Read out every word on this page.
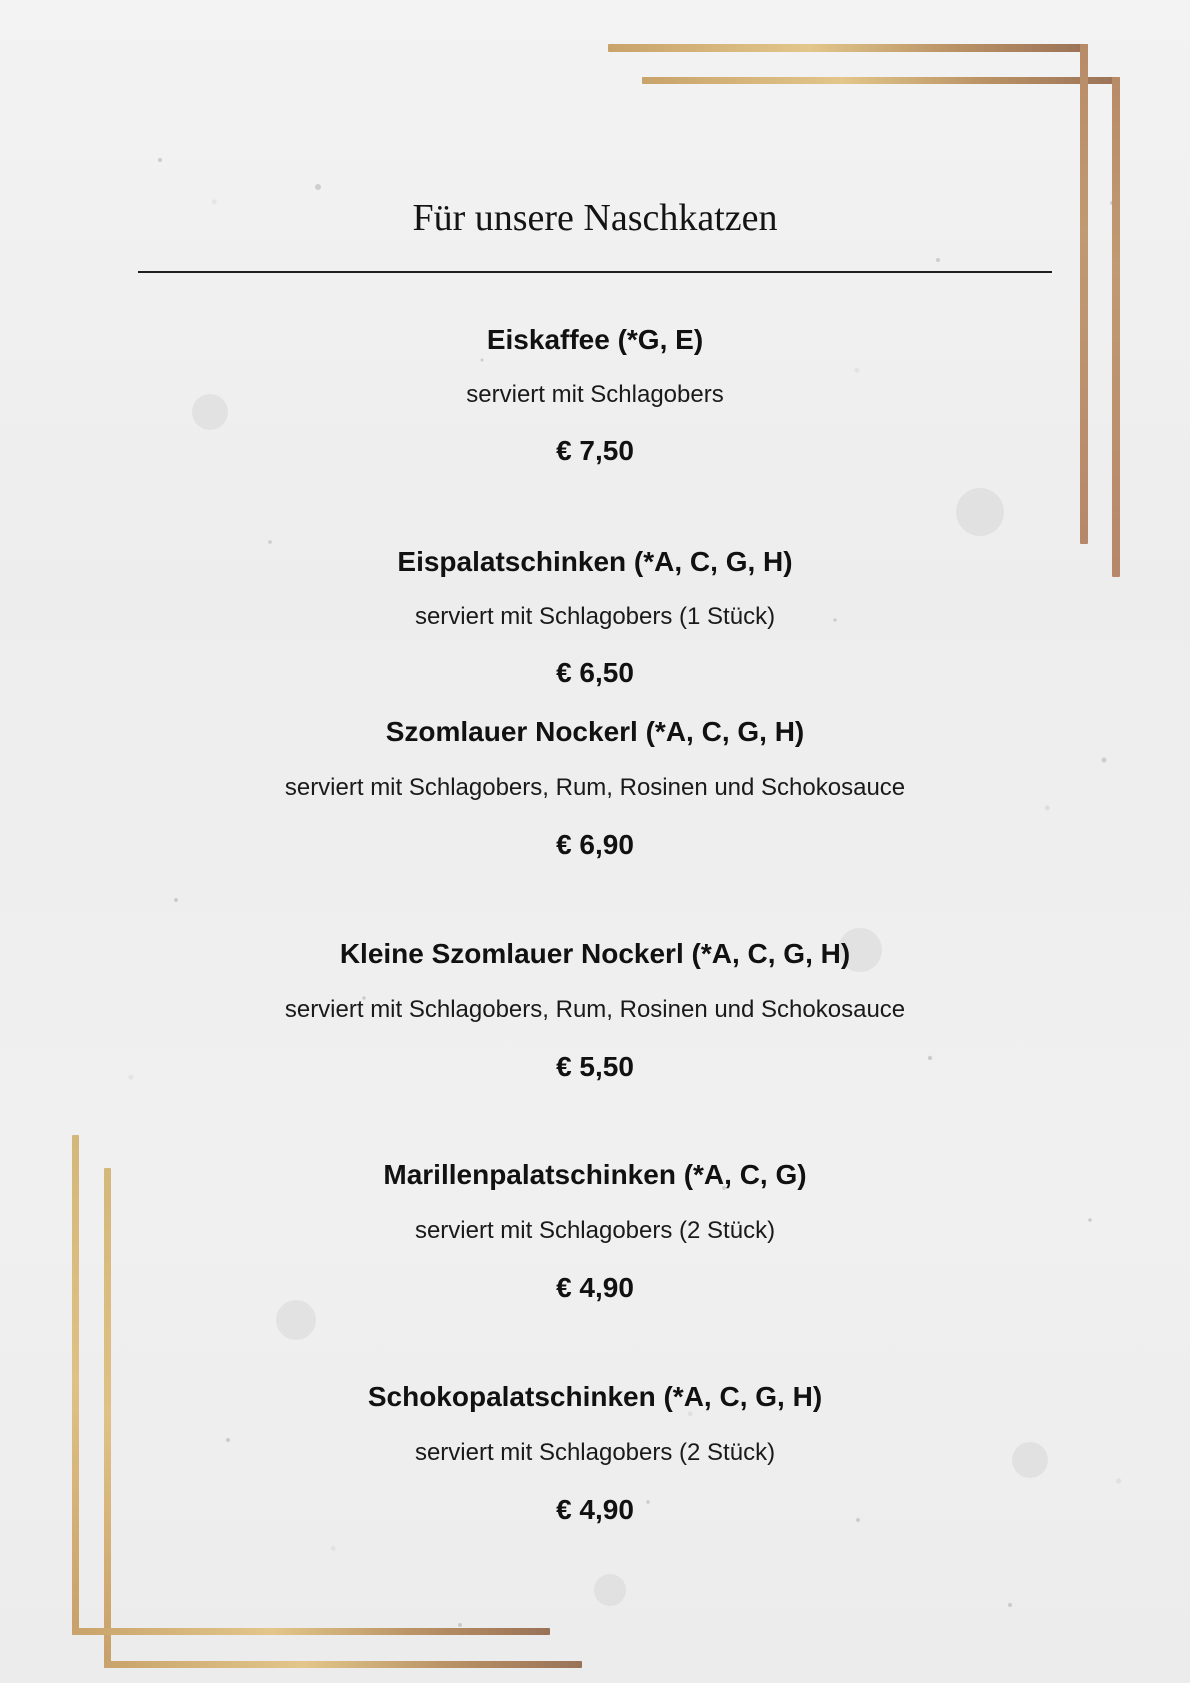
Für unsere Naschkatzen
Eiskaffee (*G, E)
serviert mit Schlagobers
€ 7,50
Eispalatschinken (*A, C, G, H)
serviert mit Schlagobers (1 Stück)
€ 6,50
Szomlauer Nockerl (*A, C, G, H)
serviert mit Schlagobers, Rum, Rosinen und Schokosauce
€ 6,90
Kleine Szomlauer Nockerl (*A, C, G, H)
serviert mit Schlagobers, Rum, Rosinen und Schokosauce
€ 5,50
Marillenpalatschinken (*A, C, G)
serviert mit Schlagobers (2 Stück)
€ 4,90
Schokopalatschinken (*A, C, G, H)
serviert mit Schlagobers (2 Stück)
€ 4,90
